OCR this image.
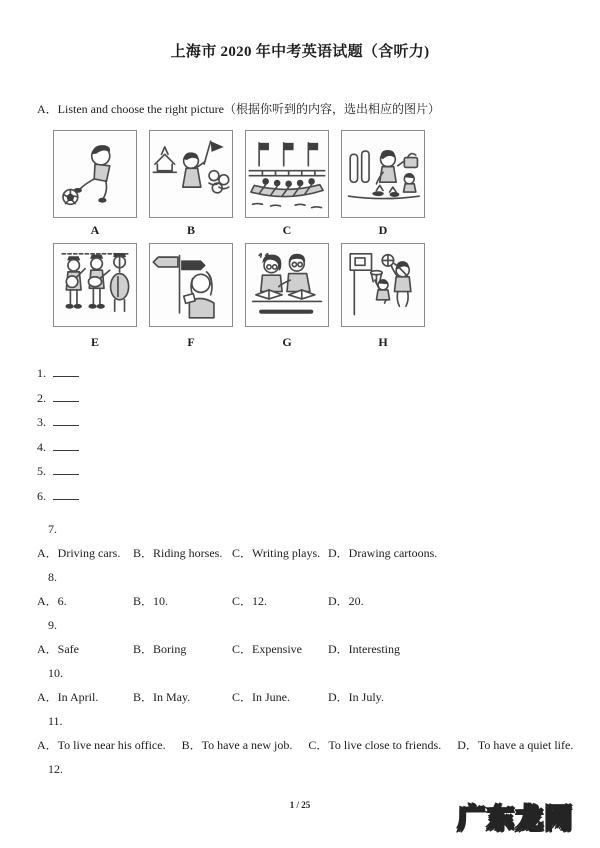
上海市 2020 年中考英语试题（含听力)
A．Listen and choose the right picture（根据你听到的内容，选出相应的图片）
A	B	C	D
E	F	G	H
1.
2.
3.
4.
5.
6.
7.
A．Driving cars.	B．Riding horses. C．Writing plays. D．Drawing cartoons.
8.
A．6.	B．10.	C．12.	D．20.
9.
A．Safe	B．Boring	C．Expensive	D．Interesting
10.
A．In April.	B．In May.	C．In June.	D．In July.
11.
A．To live near his office. B．To have a new job. C．To live close to friends. D．To have a quiet life.
12.
1 / 25	广东龙网
